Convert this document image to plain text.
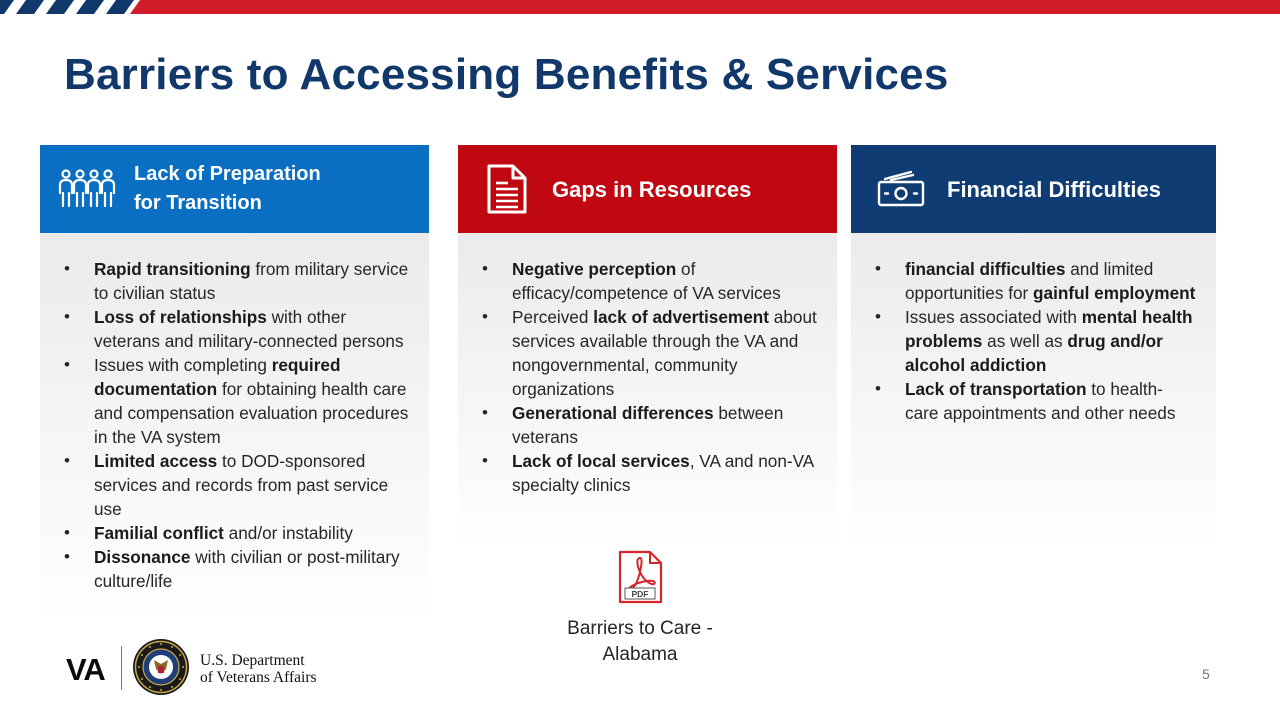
Barriers to Accessing Benefits & Services
Lack of Preparation
for Transition
• Rapid transitioning from military service to civilian status
• Loss of relationships with other veterans and military-connected persons
• Issues with completing required documentation for obtaining health care and compensation evaluation procedures in the VA system
• Limited access to DOD-sponsored services and records from past service use
• Familial conflict and/or instability
• Dissonance with civilian or post-military culture/life
Gaps in Resources
• Negative perception of efficacy/competence of VA services
• Perceived lack of advertisement about services available through the VA and nongovernmental, community organizations
• Generational differences between veterans
• Lack of local services, VA and non-VA specialty clinics
Financial Difficulties
• financial difficulties and limited opportunities for gainful employment
• Issues associated with mental health problems as well as drug and/or alcohol addiction
• Lack of transportation to health-care appointments and other needs
PDF
Barriers to Care -
Alabama
VA	U.S. Department
of Veterans Affairs	5
